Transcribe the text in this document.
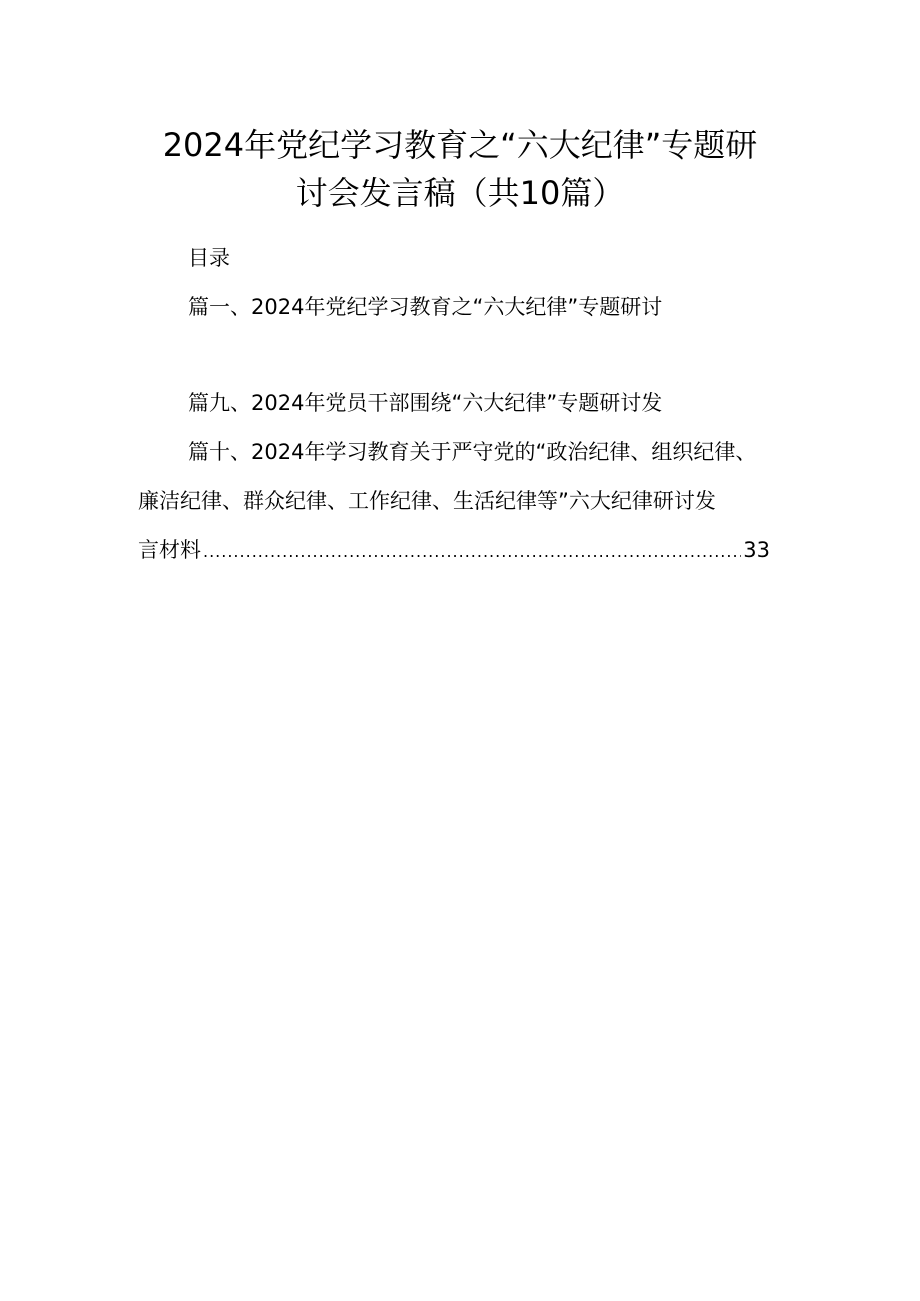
2024年党纪学习教育之“六大纪律”专题研
讨会发言稿（共10篇）
目录
篇一、2024年党纪学习教育之“六大纪律”专题研讨
篇九、2024年党员干部围绕“六大纪律”专题研讨发
篇十、2024年学习教育关于严守党的“政治纪律、组织纪律、
廉洁纪律、群众纪律、工作纪律、生活纪律等”六大纪律研讨发
言材料
.....	33
